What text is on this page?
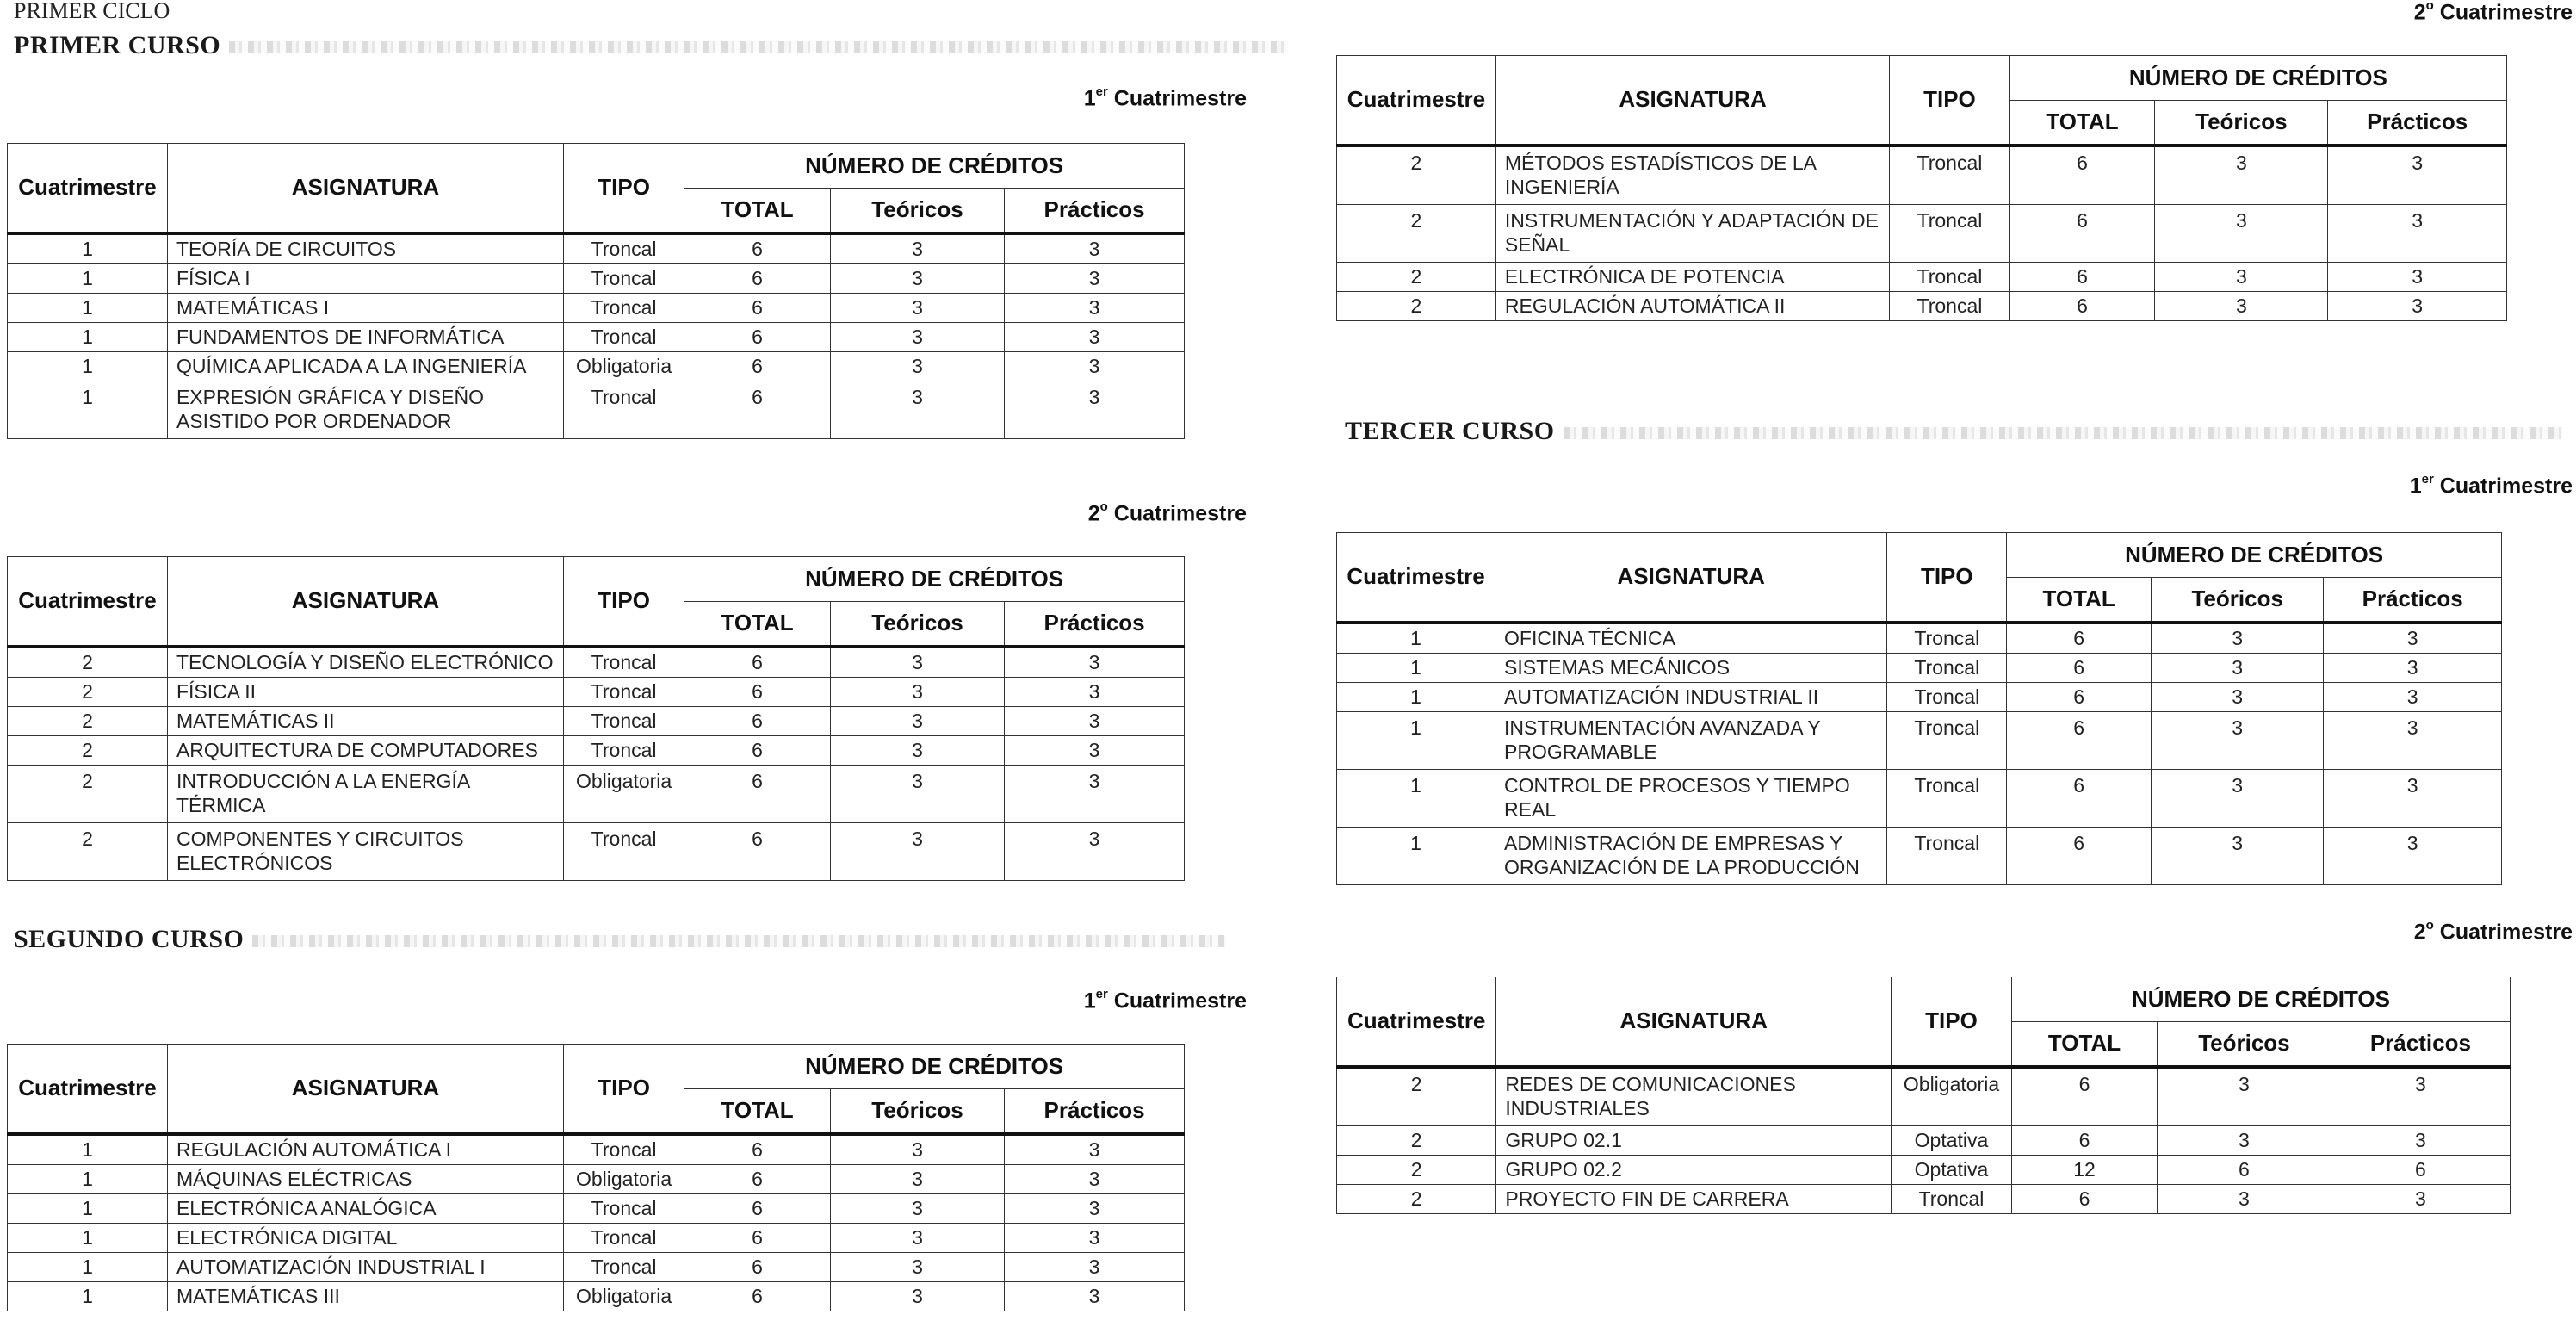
PRIMER CICLO
PRIMER CURSO
1er Cuatrimestre
Cuatrimestre	ASIGNATURA	TIPO	NÚMERO DE CRÉDITOS		
			TOTAL	Teóricos	Prácticos
1	TEORÍA DE CIRCUITOS	Troncal	6	3	3
1	FÍSICA I	Troncal	6	3	3
1	MATEMÁTICAS I	Troncal	6	3	3
1	FUNDAMENTOS DE INFORMÁTICA	Troncal	6	3	3
1	QUÍMICA APLICADA A LA INGENIERÍA	Obligatoria	6	3	3
1	EXPRESIÓN GRÁFICA Y DISEÑO ASISTIDO POR ORDENADOR	Troncal	6	3	3
2$^o$ Cuatrimestre
Cuatrimestre	ASIGNATURA	TIPO	NÚMERO DE CRÉDITOS		
			TOTAL	Teóricos	Prácticos
2	TECNOLOGÍA Y DISEÑO ELECTRÓNICO	Troncal	6	3	3
2	FÍSICA II	Troncal	6	3	3
2	MATEMÁTICAS II	Troncal	6	3	3
2	ARQUITECTURA DE COMPUTADORES	Troncal	6	3	3
2	INTRODUCCIÓN A LA ENERGÍA TÉRMICA	Obligatoria	6	3	3
2	COMPONENTES Y CIRCUITOS ELECTRÓNICOS	Troncal	6	3	3
SEGUNDO CURSO
1er Cuatrimestre
Cuatrimestre	ASIGNATURA	TIPO	NÚMERO DE CRÉDITOS		
			TOTAL	Teóricos	Prácticos
1	REGULACIÓN AUTOMÁTICA I	Troncal	6	3	3
1	MÁQUINAS ELÉCTRICAS	Obligatoria	6	3	3
1	ELECTRÓNICA ANALÓGICA	Troncal	6	3	3
1	ELECTRÓNICA DIGITAL	Troncal	6	3	3
1	AUTOMATIZACIÓN INDUSTRIAL I	Troncal	6	3	3
1	MATEMÁTICAS III	Obligatoria	6	3	3
2$^o$ Cuatrimestre
Cuatrimestre	ASIGNATURA	TIPO	NÚMERO DE CRÉDITOS		
			TOTAL	Teóricos	Prácticos
2	MÉTODOS ESTADÍSTICOS DE LA INGENIERÍA	Troncal	6	3	3
2	INSTRUMENTACIÓN Y ADAPTACIÓN DE SEÑAL	Troncal	6	3	3
2	ELECTRÓNICA DE POTENCIA	Troncal	6	3	3
2	REGULACIÓN AUTOMÁTICA II	Troncal	6	3	3
TERCER CURSO
1er Cuatrimestre
Cuatrimestre	ASIGNATURA	TIPO	NÚMERO DE CRÉDITOS		
			TOTAL	Teóricos	Prácticos
1	OFICINA TÉCNICA	Troncal	6	3	3
1	SISTEMAS MECÁNICOS	Troncal	6	3	3
1	AUTOMATIZACIÓN INDUSTRIAL II	Troncal	6	3	3
1	INSTRUMENTACIÓN AVANZADA Y PROGRAMABLE	Troncal	6	3	3
1	CONTROL DE PROCESOS Y TIEMPO REAL	Troncal	6	3	3
1	ADMINISTRACIÓN DE EMPRESAS Y ORGANIZACIÓN DE LA PRODUCCIÓN	Troncal	6	3	3
2$^o$ Cuatrimestre
Cuatrimestre	ASIGNATURA	TIPO	NÚMERO DE CRÉDITOS		
			TOTAL	Teóricos	Prácticos
2	REDES DE COMUNICACIONES INDUSTRIALES	Obligatoria	6	3	3
2	GRUPO 02.1	Optativa	6	3	3
2	GRUPO 02.2	Optativa	12	6	6
2	PROYECTO FIN DE CARRERA	Troncal	6	3	3
